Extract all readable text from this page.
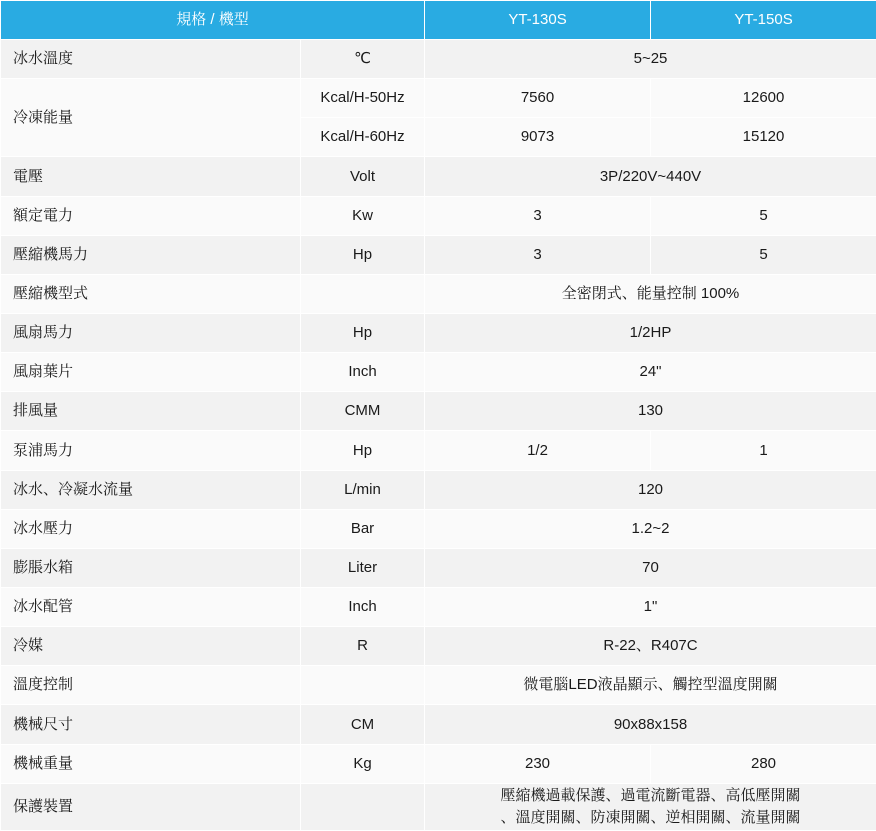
規格 / 機型		YT-130S	YT-150S
冰水溫度	℃	5~25	
冷凍能量	Kcal/H-50Hz	7560	12600
	Kcal/H-60Hz	9073	15120
電壓	Volt	3P/220V~440V	
額定電力	Kw	3	5
壓縮機馬力	Hp	3	5
壓縮機型式		全密閉式、能量控制 100%	
風扇馬力	Hp	1/2HP	
風扇葉片	Inch	24"	
排風量	CMM	130	
泵浦馬力	Hp	1/2	1
冰水、冷凝水流量	L/min	120	
冰水壓力	Bar	1.2~2	
膨脹水箱	Liter	70	
冰水配管	Inch	1"	
冷媒	R	R-22、R407C	
溫度控制		微電腦LED液晶顯示、觸控型溫度開關	
機械尺寸	CM	90x88x158	
機械重量	Kg	230	280
保護裝置		壓縮機過載保護、過電流斷電器、高低壓開關
、溫度開關、防凍開關、逆相開關、流量開關	
